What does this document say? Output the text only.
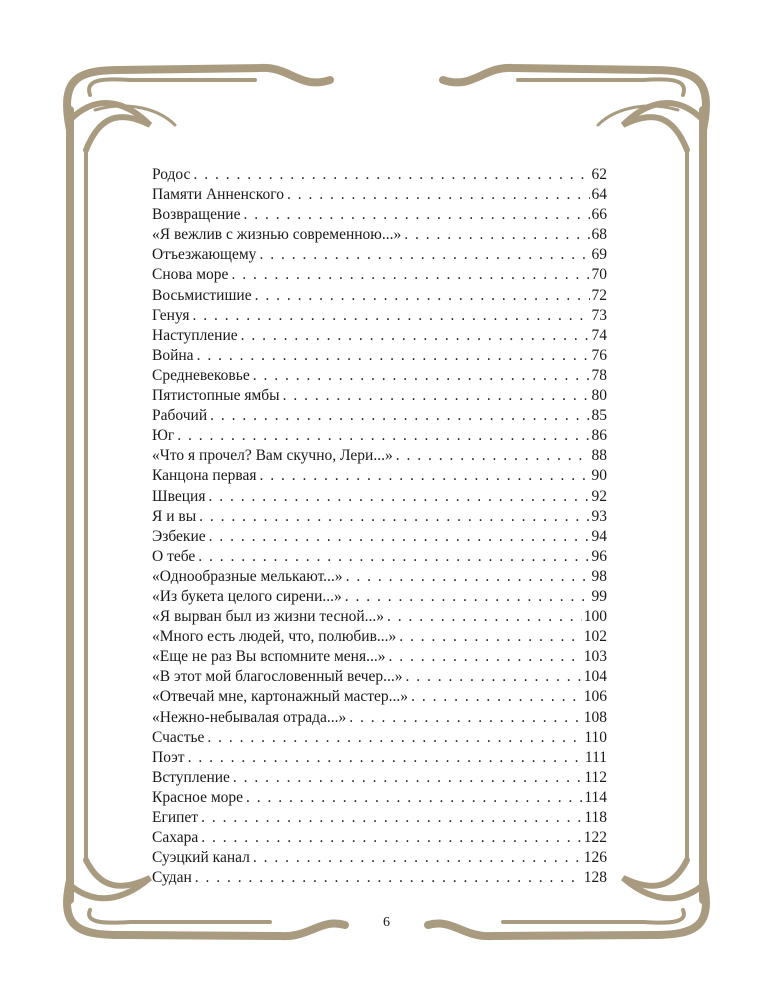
Родос . . .	62
Памяти Анненского . . .	64
Возвращение . . .	66
«Я вежлив с жизнью современною...» . . .	68
Отъезжающему . . .	69
Снова море . . .	70
Восьмистишие . . .	72
Генуя . . .	73
Наступление . . .	74
Война . . .	76
Средневековье . . .	78
Пятистопные ямбы . . .	80
Рабочий . . .	85
Юг . . .	86
«Что я прочел? Вам скучно, Лери...» . . .	88
Канцона первая . . .	90
Швеция . . .	92
Я и вы . . .	93
Эзбекие . . .	94
О тебе . . .	96
«Однообразные мелькают...» . . .	98
«Из букета целого сирени...» . . .	99
«Я вырван был из жизни тесной...» . . .	100
«Много есть людей, что, полюбив...» . . .	102
«Еще не раз Вы вспомните меня...» . . .	103
«В этот мой благословенный вечер...» . . .	104
«Отвечай мне, картонажный мастер...» . . .	106
«Нежно-небывалая отрада...» . . .	108
Счастье . . .	110
Поэт . . .	111
Вступление . . .	112
Красное море . . .	114
Египет . . .	118
Сахара . . .	122
Суэцкий канал . . .	126
Судан . . .	128
6
